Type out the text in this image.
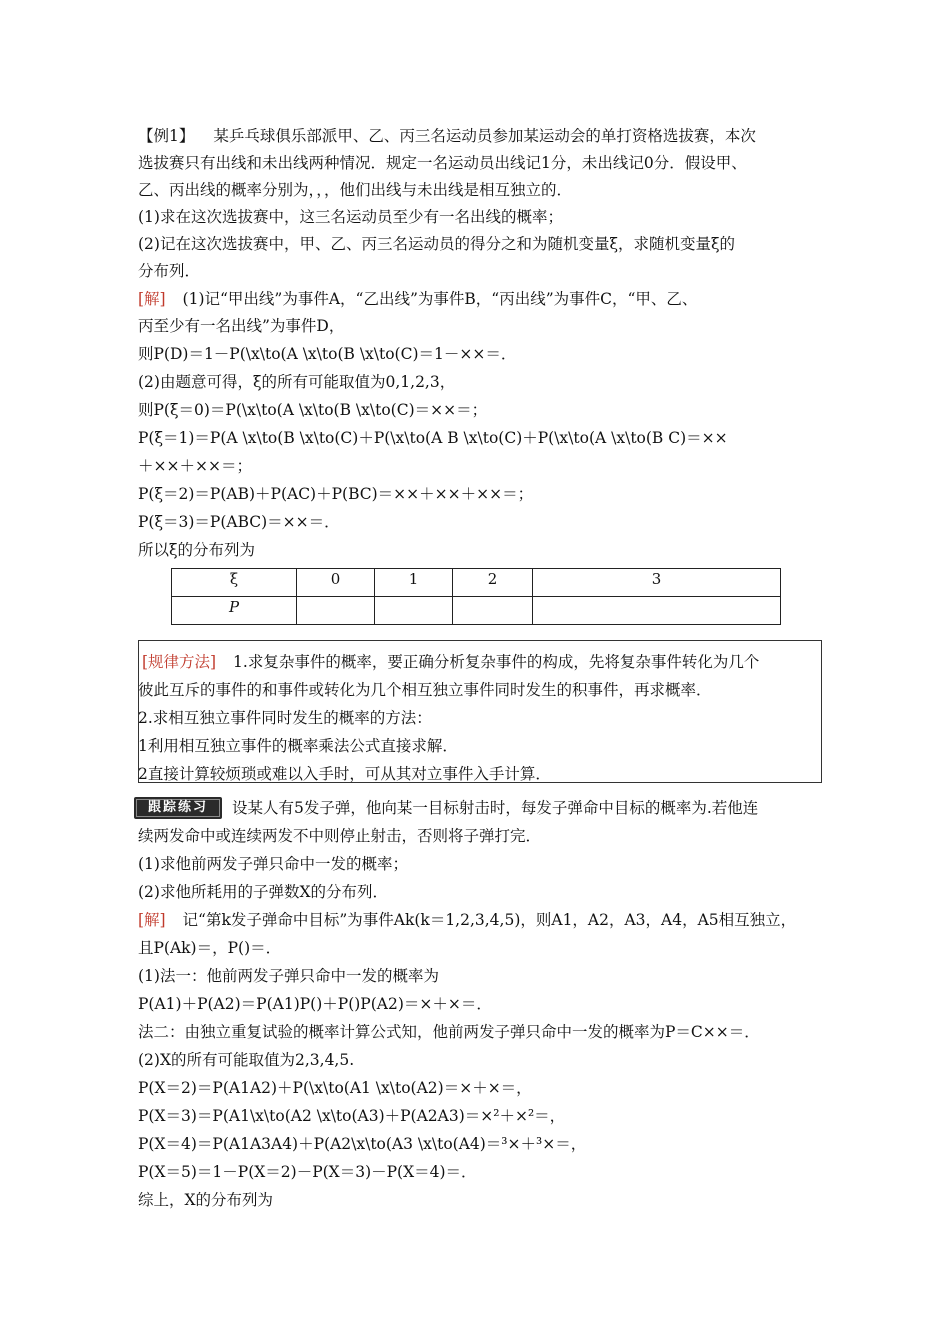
【例1】 某乒乓球俱乐部派甲、乙、丙三名运动员参加某运动会的单打资格选拔赛，本次
选拔赛只有出线和未出线两种情况．规定一名运动员出线记1分，未出线记0分．假设甲、
乙、丙出线的概率分别为，，，他们出线与未出线是相互独立的．
(1)求在这次选拔赛中，这三名运动员至少有一名出线的概率；
(2)记在这次选拔赛中，甲、乙、丙三名运动员的得分之和为随机变量ξ，求随机变量ξ的
分布列．
[解] (1)记“甲出线”为事件A，“乙出线”为事件B，“丙出线”为事件C，“甲、乙、
丙至少有一名出线”为事件D，
则P(D)＝1－P(\x\to(A \x\to(B \x\to(C)＝1－××＝．
(2)由题意可得，ξ的所有可能取值为0,1,2,3，
则P(ξ＝0)＝P(\x\to(A \x\to(B \x\to(C)＝××＝；
P(ξ＝1)＝P(A \x\to(B \x\to(C)＋P(\x\to(A B \x\to(C)＋P(\x\to(A \x\to(B C)＝××
＋××＋××＝；
P(ξ＝2)＝P(AB)＋P(AC)＋P(BC)＝××＋××＋××＝；
P(ξ＝3)＝P(ABC)＝××＝．
所以ξ的分布列为
ξ	0	1	2	3
P				
[规律方法] 1.求复杂事件的概率，要正确分析复杂事件的构成，先将复杂事件转化为几个
彼此互斥的事件的和事件或转化为几个相互独立事件同时发生的积事件，再求概率．
2.求相互独立事件同时发生的概率的方法：
1利用相互独立事件的概率乘法公式直接求解．
2直接计算较烦琐或难以入手时，可从其对立事件入手计算．
跟踪练习	设某人有5发子弹，他向某一目标射击时，每发子弹命中目标的概率为.若他连
续两发命中或连续两发不中则停止射击，否则将子弹打完．
(1)求他前两发子弹只命中一发的概率；
(2)求他所耗用的子弹数X的分布列．
[解] 记“第k发子弹命中目标”为事件Ak(k＝1,2,3,4,5)，则A1，A2，A3，A4，A5相互独立，
且P(Ak)＝，P()＝．
(1)法一：他前两发子弹只命中一发的概率为
P(A1)＋P(A2)＝P(A1)P()＋P()P(A2)＝×＋×＝．
法二：由独立重复试验的概率计算公式知，他前两发子弹只命中一发的概率为P＝C××＝．
(2)X的所有可能取值为2,3,4,5.
P(X＝2)＝P(A1A2)＋P(\x\to(A1 \x\to(A2)＝×＋×＝，
P(X＝3)＝P(A1\x\to(A2 \x\to(A3)＋P(A2A3)＝×²＋×²＝，
P(X＝4)＝P(A1A3A4)＋P(A2\x\to(A3 \x\to(A4)＝³×＋³×＝，
P(X＝5)＝1－P(X＝2)－P(X＝3)－P(X＝4)＝．
综上，X的分布列为
